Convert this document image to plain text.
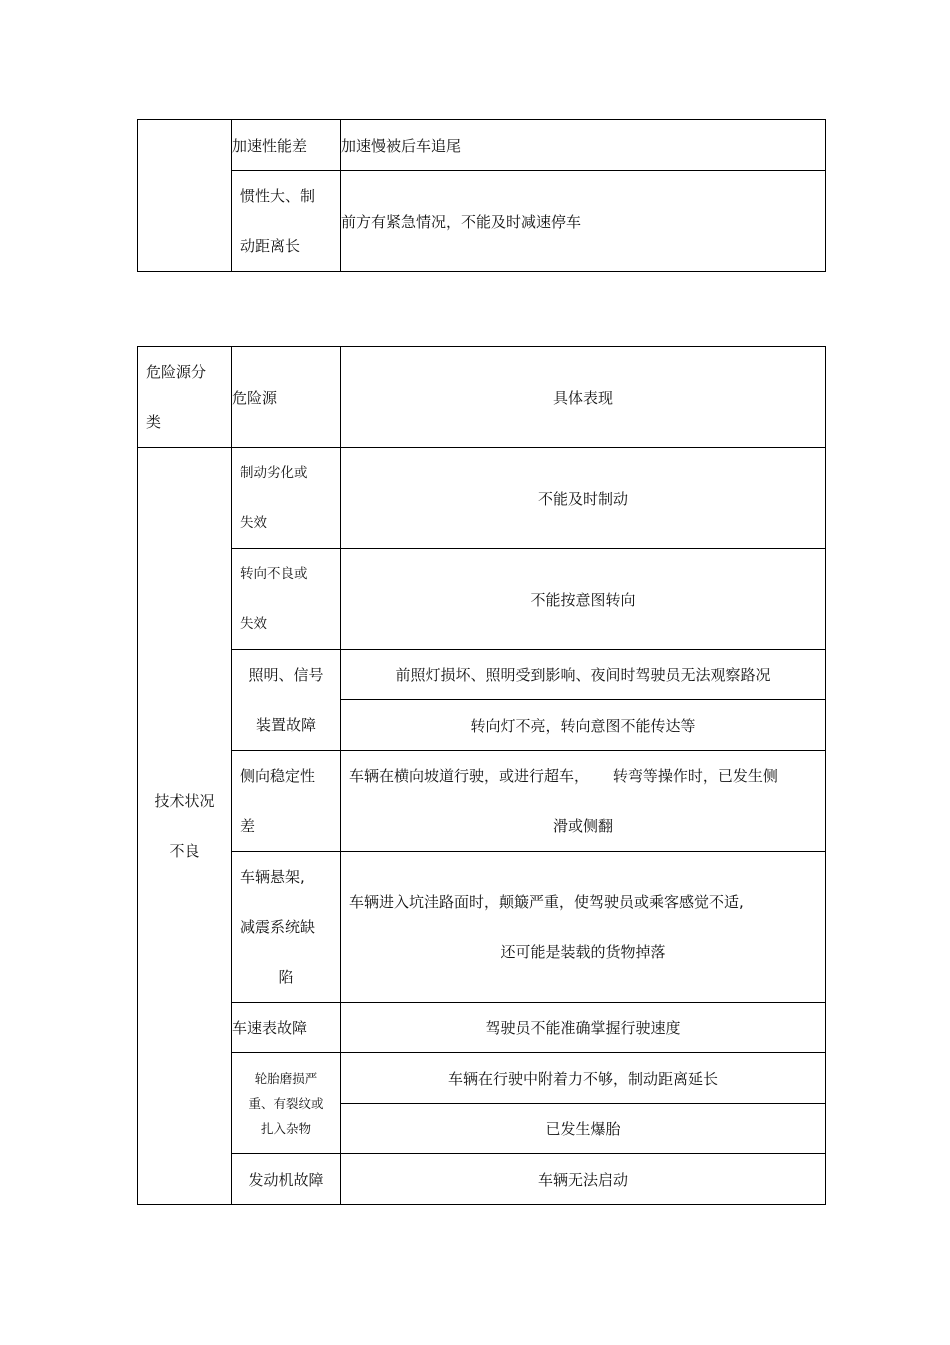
	加速性能差	加速慢被后车追尾

	惯性大、制
动距离长	前方有紧急情况，不能及时减速停车
危险源分
类	危险源	具体表现

技术状况
不良	制动劣化或
失效	不能及时制动

	转向不良或
失效	不能按意图转向

	照明、信号
装置故障	前照灯损坏、照明受到影响、夜间时驾驶员无法观察路况
		转向灯不亮，转向意图不能传达等

	侧向稳定性
差	车辆在横向坡道行驶，或进行超车，     转弯等操作时，已发生侧
滑或侧翻

	车辆悬架,
减震系统缺
陷	车辆进入坑洼路面时，颠簸严重，使驾驶员或乘客感觉不适,
还可能是装载的货物掉落

	车速表故障	驾驶员不能准确掌握行驶速度

	轮胎磨损严
重、有裂纹或
扎入杂物	车辆在行驶中附着力不够，制动距离延长
		已发生爆胎
	发动机故障	车辆无法启动
